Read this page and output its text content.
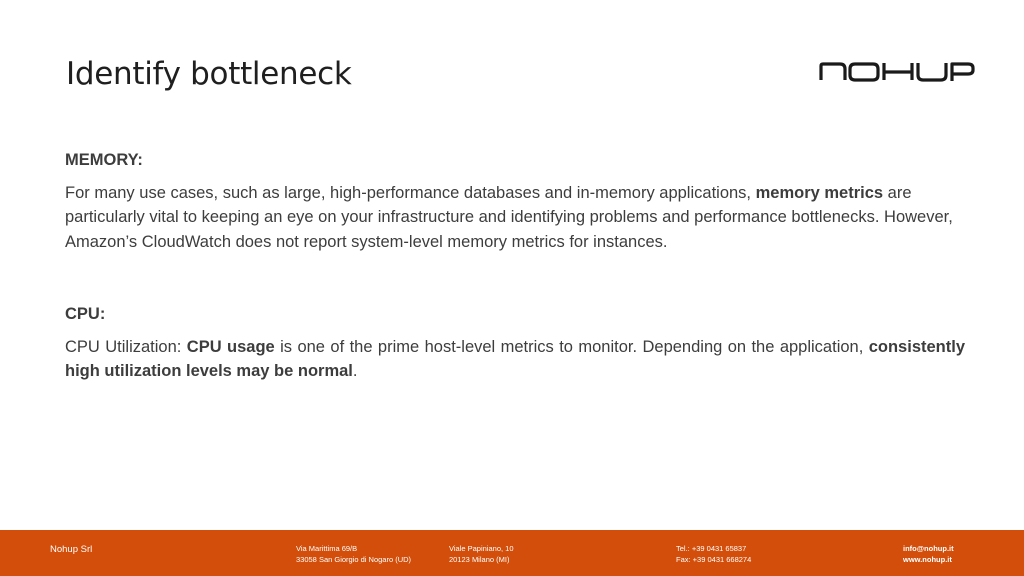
Identify bottleneck

MEMORY:

For many use cases, such as large, high-performance databases and in-memory applications, memory metrics are particularly vital to keeping an eye on your infrastructure and identifying problems and performance bottlenecks. However, Amazon’s CloudWatch does not report system-level memory metrics for instances.

CPU:

CPU Utilization: CPU usage is one of the prime host-level metrics to monitor. Depending on the application, consistently high utilization levels may be normal.

Nohup Srl	Via Marittima 69/B
33058 San Giorgio di Nogaro (UD)
Viale Papiniano, 10
20123 Milano (MI)
Tel.: +39 0431 65837
Fax: +39 0431 668274
info@nohup.it
www.nohup.it
